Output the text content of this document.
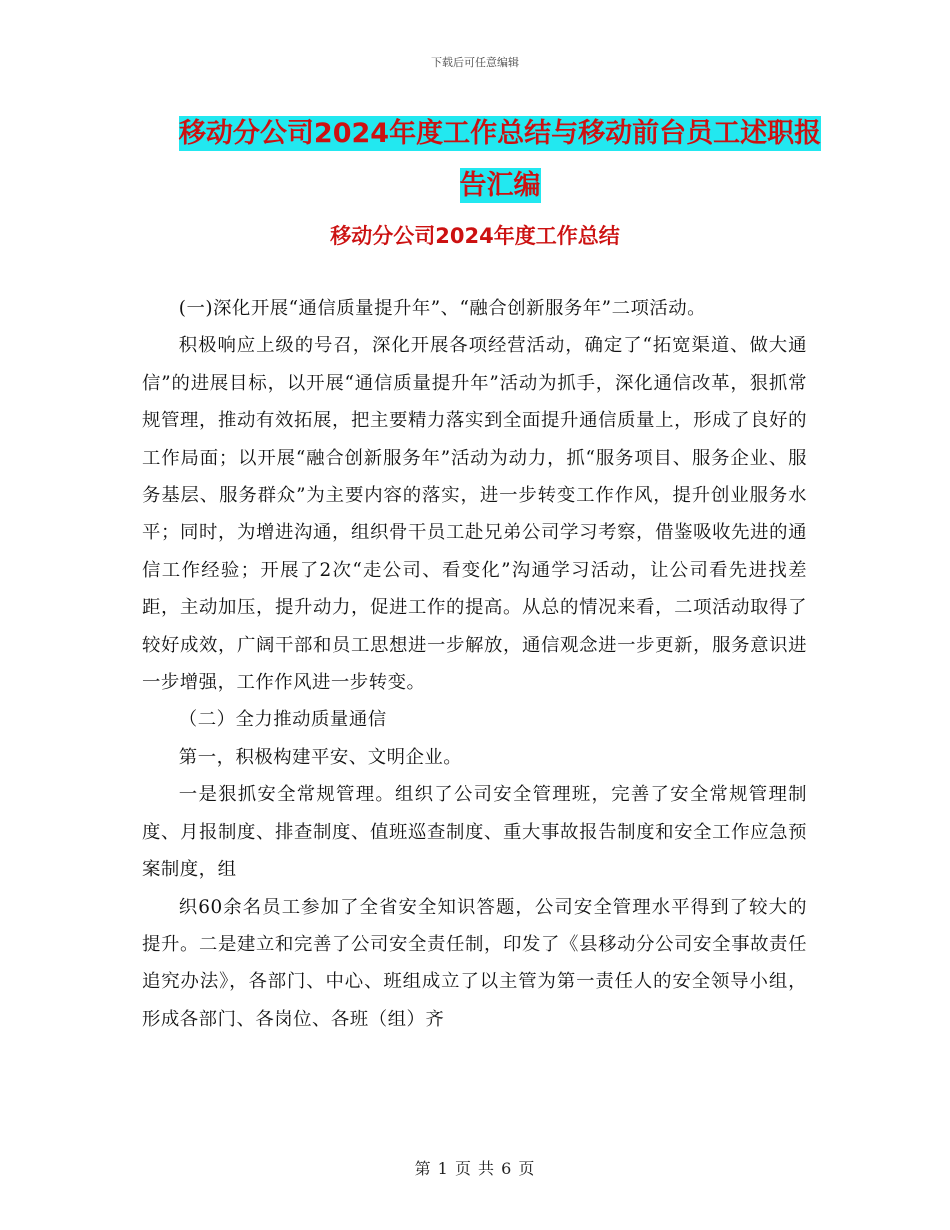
下载后可任意编辑
移动分公司2024年度工作总结与移动前台员工述职报
告汇编
移动分公司2024年度工作总结

(一)深化开展“通信质量提升年”、“融合创新服务年”二项活动。

积极响应上级的号召，深化开展各项经营活动，确定了“拓宽渠道、做大通信”的进展目标，以开展“通信质量提升年”活动为抓手，深化通信改革，狠抓常规管理，推动有效拓展，把主要精力落实到全面提升通信质量上，形成了良好的工作局面；以开展“融合创新服务年”活动为动力，抓“服务项目、服务企业、服务基层、服务群众”为主要内容的落实，进一步转变工作作风，提升创业服务水平；同时，为增进沟通，组织骨干员工赴兄弟公司学习考察，借鉴吸收先进的通信工作经验；开展了2次“走公司、看变化”沟通学习活动，让公司看先进找差距，主动加压，提升动力，促进工作的提高。从总的情况来看，二项活动取得了较好成效，广阔干部和员工思想进一步解放，通信观念进一步更新，服务意识进一步增强，工作作风进一步转变。

（二）全力推动质量通信

第一，积极构建平安、文明企业。

一是狠抓安全常规管理。组织了公司安全管理班，完善了安全常规管理制度、月报制度、排查制度、值班巡查制度、重大事故报告制度和安全工作应急预案制度，组

织60余名员工参加了全省安全知识答题，公司安全管理水平得到了较大的提升。二是建立和完善了公司安全责任制，印发了《县移动分公司安全事故责任追究办法》，各部门、中心、班组成立了以主管为第一责任人的安全领导小组，形成各部门、各岗位、各班（组）齐

第 1 页 共 6 页
